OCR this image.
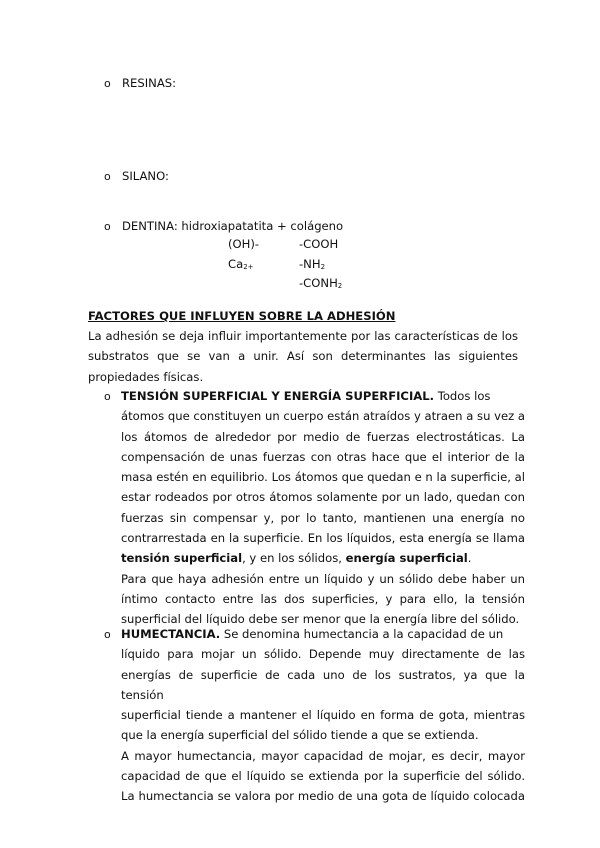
o RESINAS:
o SILANO:
o DENTINA: hidroxiapatatita + colágeno
(OH)-	-COOH
$Ca_{2+}$	$-NH_2$
$-CONH_2$
FACTORES QUE INFLUYEN SOBRE LA ADHESIÓN
La adhesión se deja influir importantemente por las características de los
substratos que se van a unir. Así son determinantes las siguientes
propiedades físicas.
o TENSIÓN SUPERFICIAL Y ENERGÍA SUPERFICIAL. Todos los
átomos que constituyen un cuerpo están atraídos y atraen a su vez a
los átomos de alrededor por medio de fuerzas electrostáticas. La
compensación de unas fuerzas con otras hace que el interior de la
masa estén en equilibrio. Los átomos que quedan e n la superficie, al
estar rodeados por otros átomos solamente por un lado, quedan con
fuerzas sin compensar y, por lo tanto, mantienen una energía no
contrarrestada en la superficie. En los líquidos, esta energía se llama
tensión superficial, y en los sólidos, energía superficial.
Para que haya adhesión entre un líquido y un sólido debe haber un
íntimo contacto entre las dos superficies, y para ello, la tensión
superficial del líquido debe ser menor que la energía libre del sólido.
o HUMECTANCIA. Se denomina humectancia a la capacidad de un
líquido para mojar un sólido. Depende muy directamente de las
energías de superficie de cada uno de los sustratos, ya que la tensión
superficial tiende a mantener el líquido en forma de gota, mientras
que la energía superficial del sólido tiende a que se extienda.
A mayor humectancia, mayor capacidad de mojar, es decir, mayor
capacidad de que el líquido se extienda por la superficie del sólido.
La humectancia se valora por medio de una gota de líquido colocada
